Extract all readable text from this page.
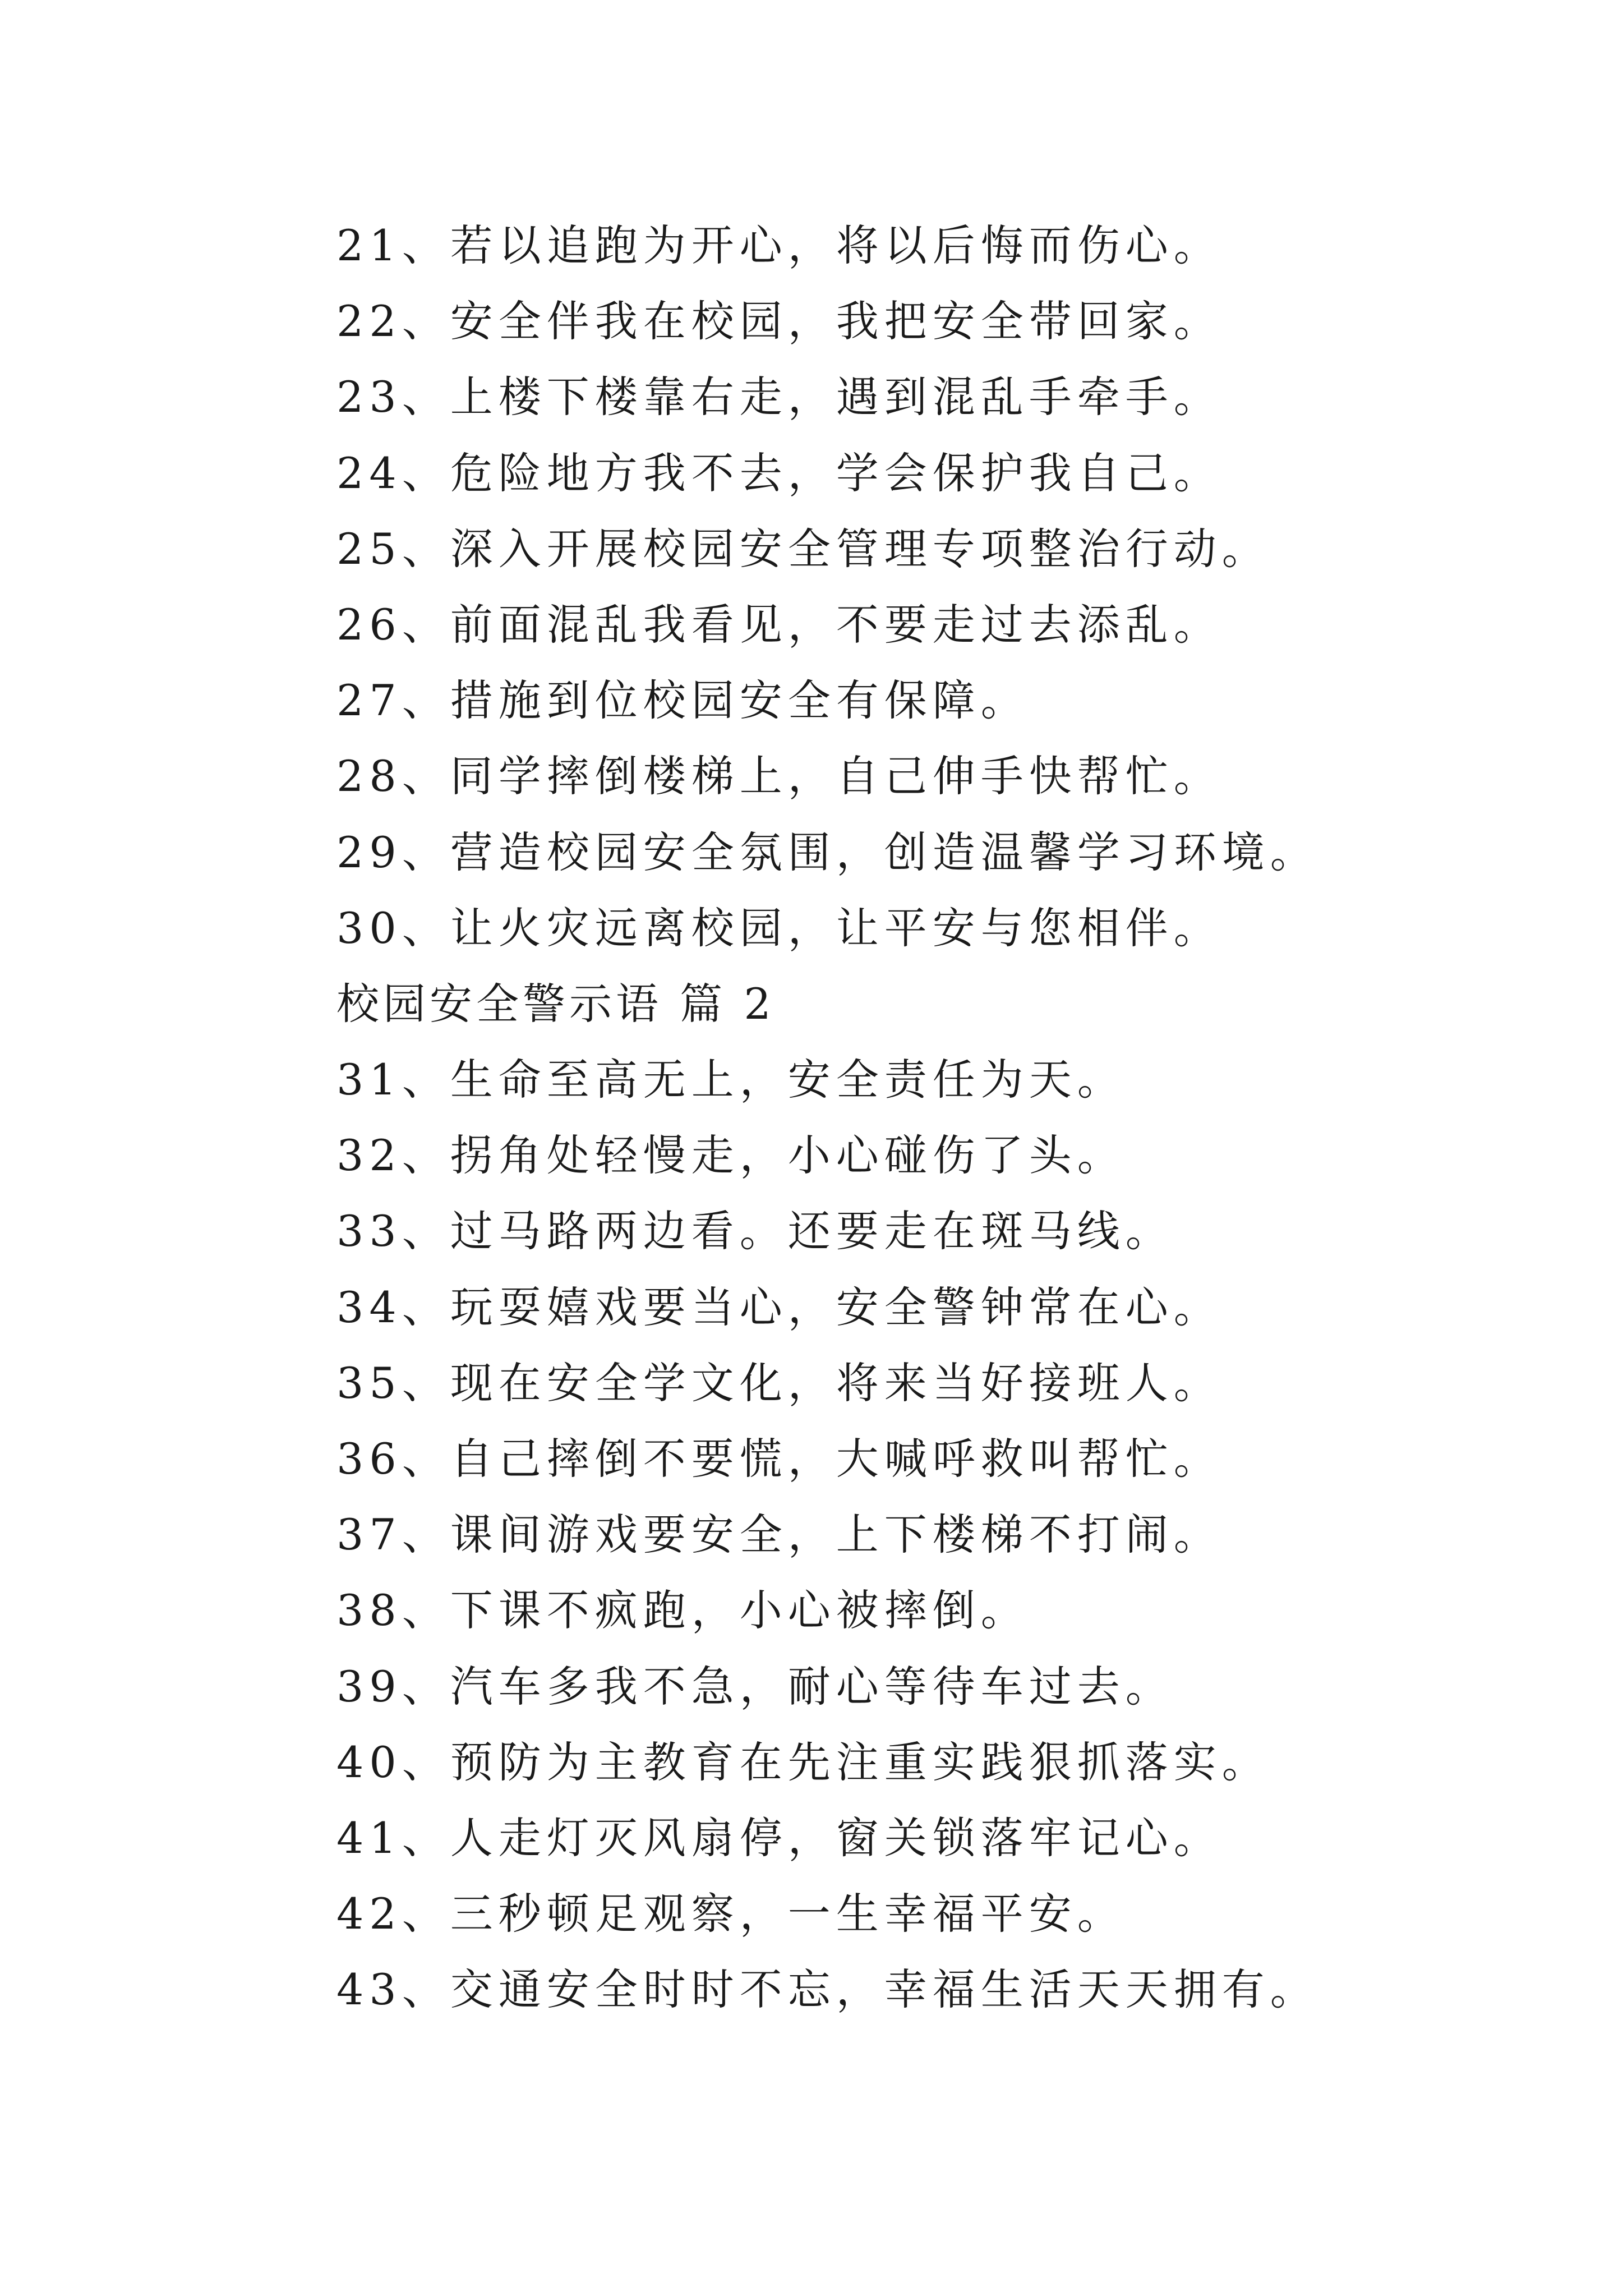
21、若以追跑为开心，将以后悔而伤心。
22、安全伴我在校园，我把安全带回家。
23、上楼下楼靠右走，遇到混乱手牵手。
24、危险地方我不去，学会保护我自己。
25、深入开展校园安全管理专项整治行动。
26、前面混乱我看见，不要走过去添乱。
27、措施到位校园安全有保障。
28、同学摔倒楼梯上，自己伸手快帮忙。
29、营造校园安全氛围，创造温馨学习环境。
30、让火灾远离校园，让平安与您相伴。
校园安全警示语 篇 2
31、生命至高无上，安全责任为天。
32、拐角处轻慢走，小心碰伤了头。
33、过马路两边看。还要走在斑马线。
34、玩耍嬉戏要当心，安全警钟常在心。
35、现在安全学文化，将来当好接班人。
36、自己摔倒不要慌，大喊呼救叫帮忙。
37、课间游戏要安全，上下楼梯不打闹。
38、下课不疯跑，小心被摔倒。
39、汽车多我不急，耐心等待车过去。
40、预防为主教育在先注重实践狠抓落实。
41、人走灯灭风扇停，窗关锁落牢记心。
42、三秒顿足观察，一生幸福平安。
43、交通安全时时不忘，幸福生活天天拥有。
